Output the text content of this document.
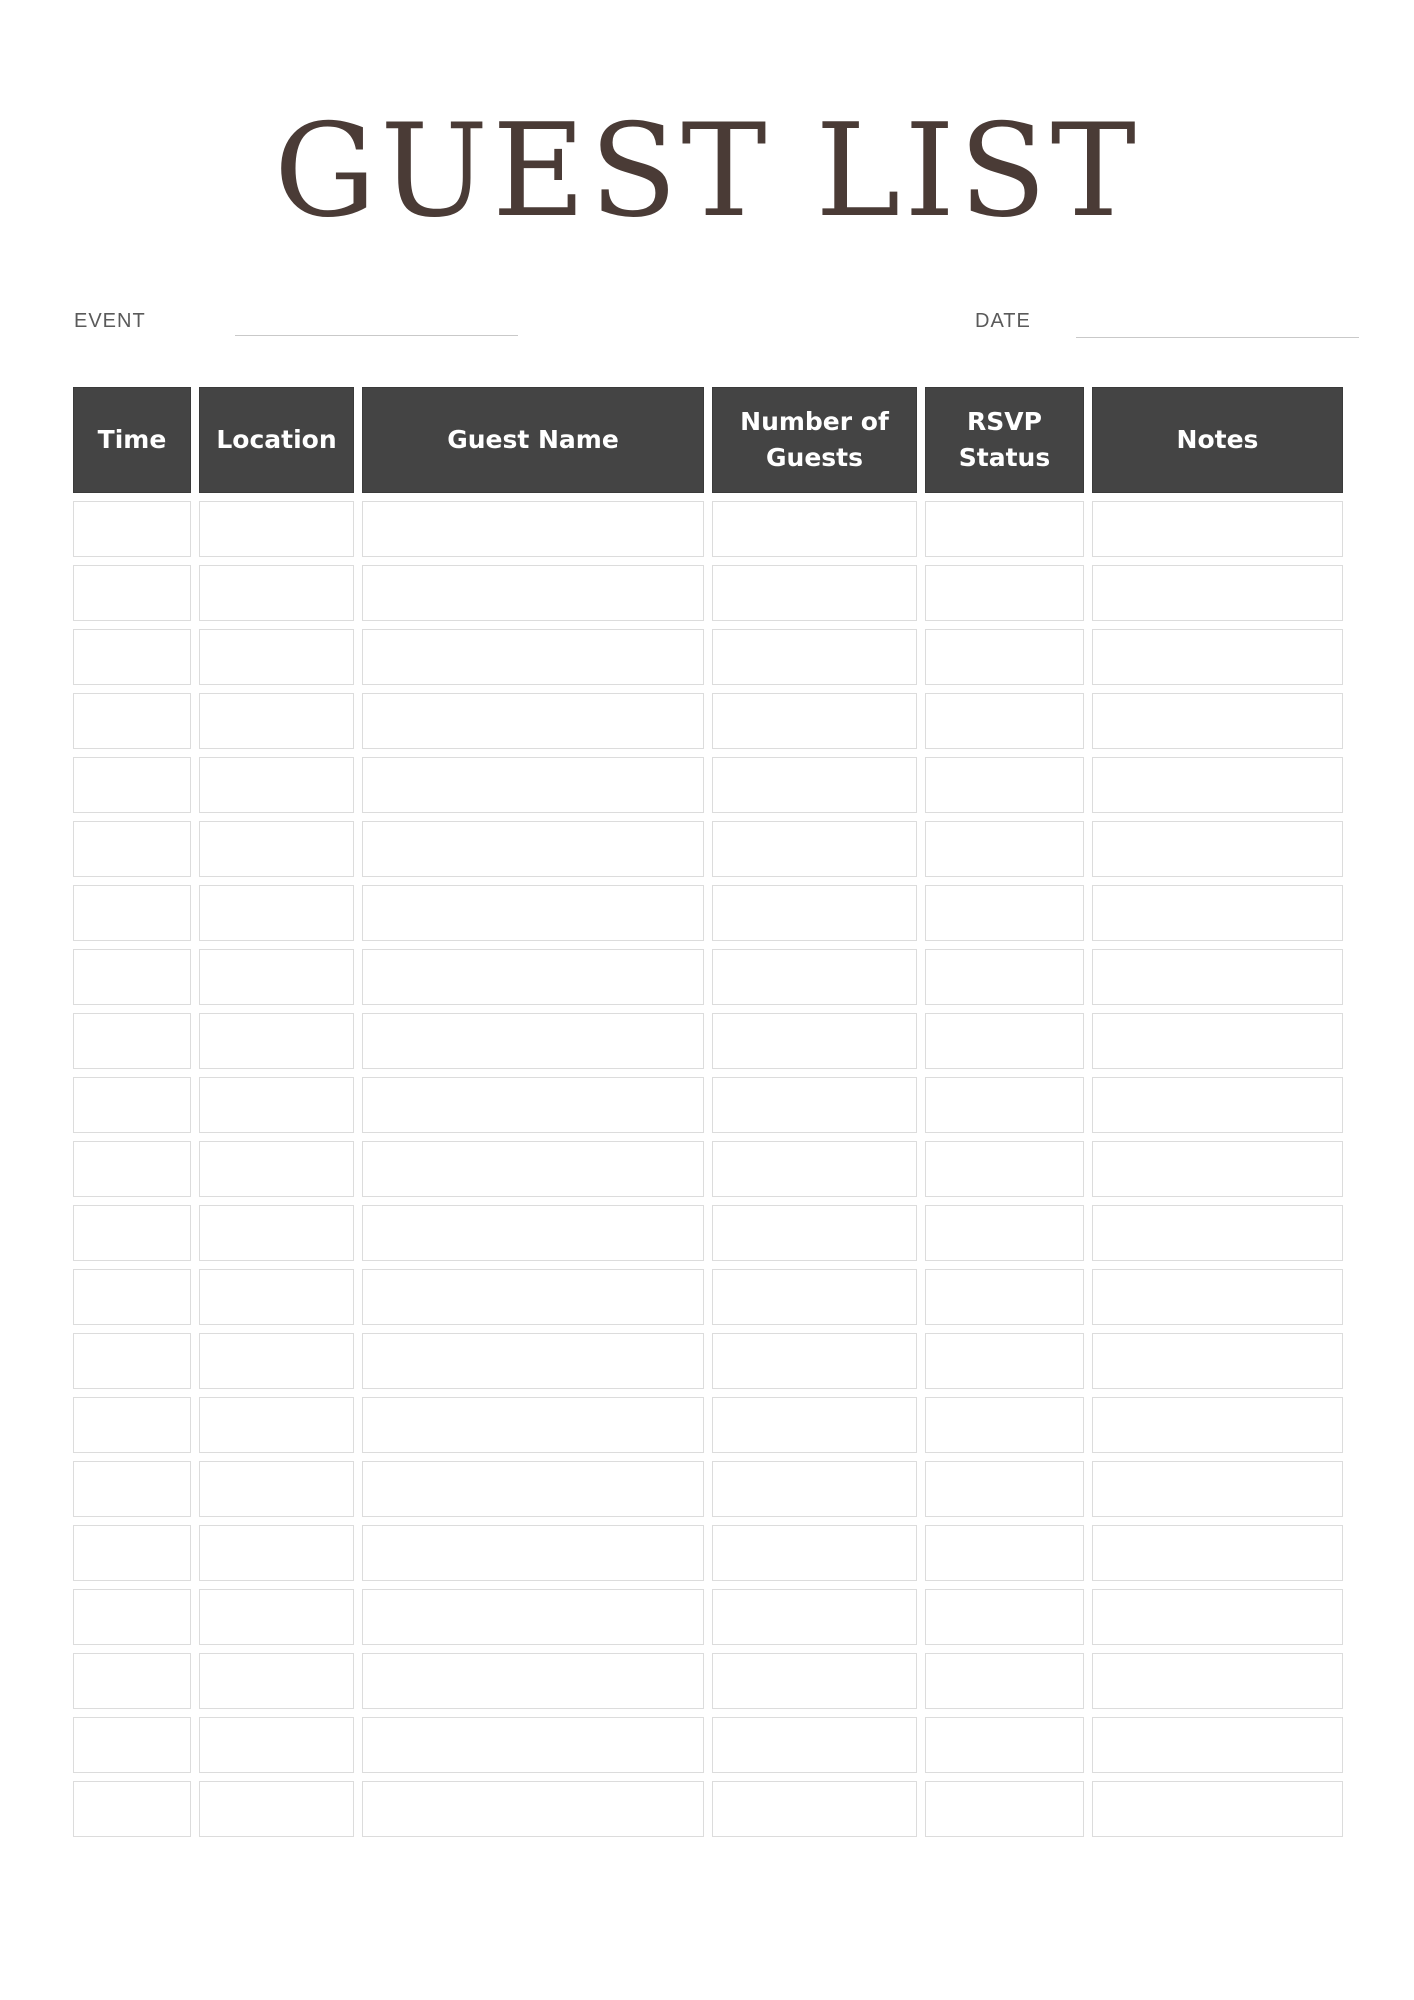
GUEST LIST
EVENT	DATE
Time	Location	Guest Name	Number of Guests	RSVP Status	Notes
